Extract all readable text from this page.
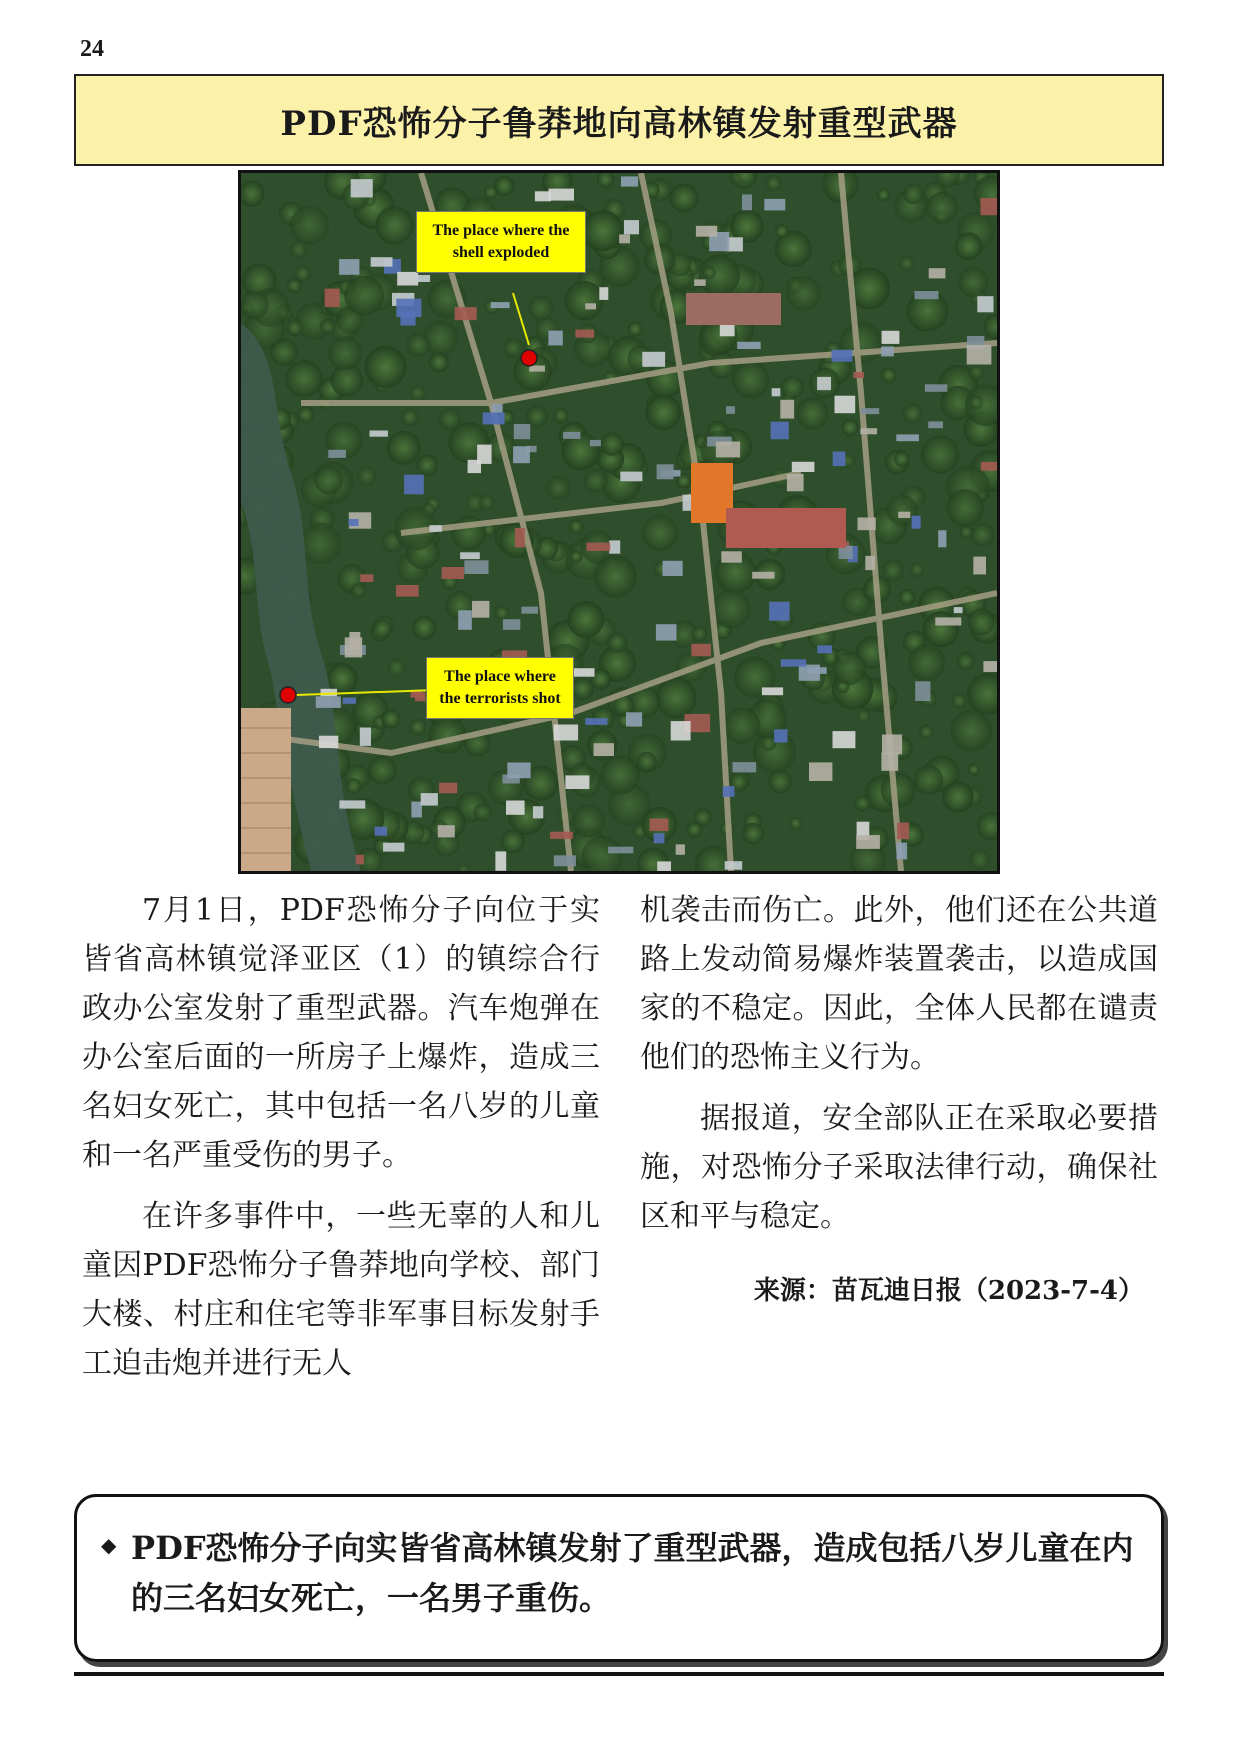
24
PDF恐怖分子鲁莽地向高林镇发射重型武器
The place where the
shell exploded
The place where
the terrorists shot

7月1日，PDF恐怖分子向位于实皆省高林镇觉泽亚区（1）的镇综合行政办公室发射了重型武器。汽车炮弹在办公室后面的一所房子上爆炸，造成三名妇女死亡，其中包括一名八岁的儿童和一名严重受伤的男子。

在许多事件中，一些无辜的人和儿童因PDF恐怖分子鲁莽地向学校、部门大楼、村庄和住宅等非军事目标发射手工迫击炮并进行无人

机袭击而伤亡。此外，他们还在公共道路上发动简易爆炸装置袭击，以造成国家的不稳定。因此，全体人民都在谴责他们的恐怖主义行为。

据报道，安全部队正在采取必要措施，对恐怖分子采取法律行动，确保社区和平与稳定。

来源：苗瓦迪日报（2023-7-4）
◆ PDF恐怖分子向实皆省高林镇发射了重型武器，造成包括八岁儿童在内的三名妇女死亡，一名男子重伤。
